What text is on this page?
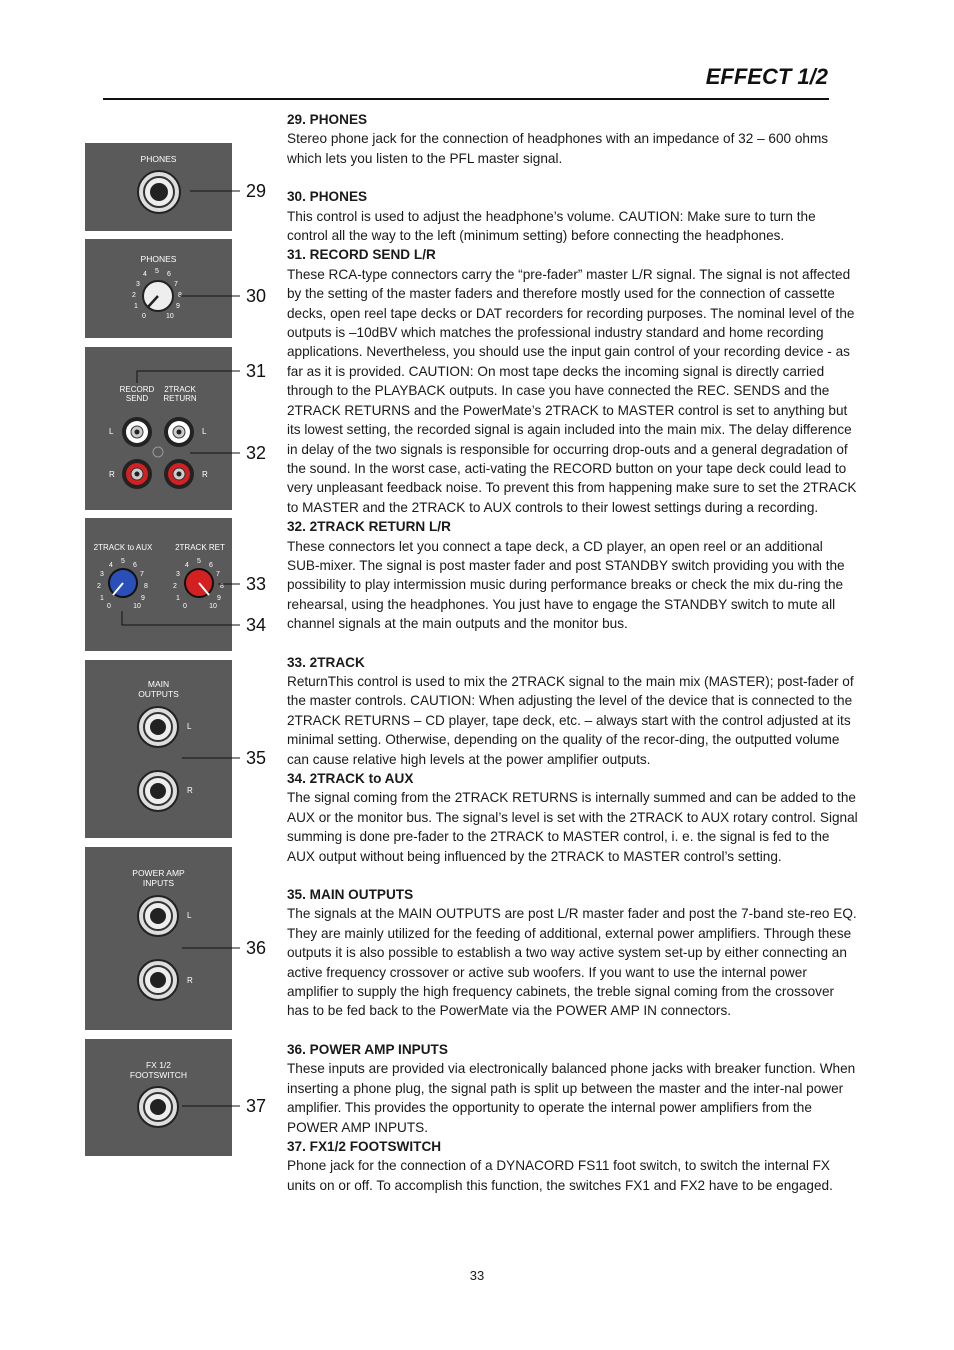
EFFECT 1/2
PHONES
PHONES
0
1
2
3
4 5 6
7
8
9
10
RECORD
SEND
2TRACK
RETURN
L	L
R	R
2TRACK to AUX	2TRACK RET
0
1
2
3
4
5
6
7
8
9
10	0
1
2
3
4
5
6
7
8
9
10
MAIN
OUTPUTS
L
R
POWER AMP
INPUTS
L
R
FX 1/2
FOOTSWITCH
29
30
31
32
33
34
35
36
37
29. PHONES

Stereo phone jack for the connection of headphones with an impedance of 32 – 600 ohms which lets you listen to the PFL master signal.

30. PHONES

This control is used to adjust the headphone’s volume. CAUTION: Make sure to turn the control all the way to the left (minimum setting) before connecting the headphones.

31. RECORD SEND L/R

These RCA-type connectors carry the “pre-fader” master L/R signal. The signal is not affected by the setting of the master faders and therefore mostly used for the connection of cassette decks, open reel tape decks or DAT recorders for recording purposes. The nominal level of the outputs is –10dBV which matches the professional industry standard and home recording applications. Nevertheless, you should use the input gain control of your recording device - as far as it is provided. CAUTION: On most tape decks the incoming signal is directly carried through to the PLAYBACK outputs. In case you have connected the REC. SENDS and the 2TRACK RETURNS and the PowerMate’s 2TRACK to MASTER control is set to anything but its lowest setting, the recorded signal is again included into the main mix. The delay difference in delay of the two signals is responsible for occurring drop-outs and a general degradation of the sound. In the worst case, acti-vating the RECORD button on your tape deck could lead to very unpleasant feedback noise. To prevent this from happening make sure to set the 2TRACK to MASTER and the 2TRACK to AUX controls to their lowest settings during a recording.

32. 2TRACK RETURN L/R

These connectors let you connect a tape deck, a CD player, an open reel or an additional SUB-mixer. The signal is post master fader and post STANDBY switch providing you with the possibility to play intermission music during performance breaks or check the mix du-ring the rehearsal, using the headphones. You just have to engage the STANDBY switch to mute all channel signals at the main outputs and the monitor bus.

33. 2TRACK

ReturnThis control is used to mix the 2TRACK signal to the main mix (MASTER); post-fader of the master controls. CAUTION: When adjusting the level of the device that is connected to the 2TRACK RETURNS – CD player, tape deck, etc. – always start with the control adjusted at its minimal setting. Otherwise, depending on the quality of the recor-ding, the outputted volume can cause relative high levels at the power amplifier outputs.

34. 2TRACK to AUX

The signal coming from the 2TRACK RETURNS is internally summed and can be added to the AUX or the monitor bus. The signal’s level is set with the 2TRACK to AUX rotary control. Signal summing is done pre-fader to the 2TRACK to MASTER control, i. e. the signal is fed to the AUX output without being influenced by the 2TRACK to MASTER control’s setting.

35. MAIN OUTPUTS

The signals at the MAIN OUTPUTS are post L/R master fader and post the 7-band ste-reo EQ. They are mainly utilized for the feeding of additional, external power amplifiers. Through these outputs it is also possible to establish a two way active system set-up by either connecting an active frequency crossover or active sub woofers. If you want to use the internal power amplifier to supply the high frequency cabinets, the treble signal coming from the crossover has to be fed back to the PowerMate via the POWER AMP IN connectors.

36. POWER AMP INPUTS

These inputs are provided via electronically balanced phone jacks with breaker function. When inserting a phone plug, the signal path is split up between the master and the inter-nal power amplifier. This provides the opportunity to operate the internal power amplifiers from the POWER AMP INPUTS.

37. FX1/2 FOOTSWITCH

Phone jack for the connection of a DYNACORD FS11 foot switch, to switch the internal FX units on or off. To accomplish this function, the switches FX1 and FX2 have to be engaged.

33
